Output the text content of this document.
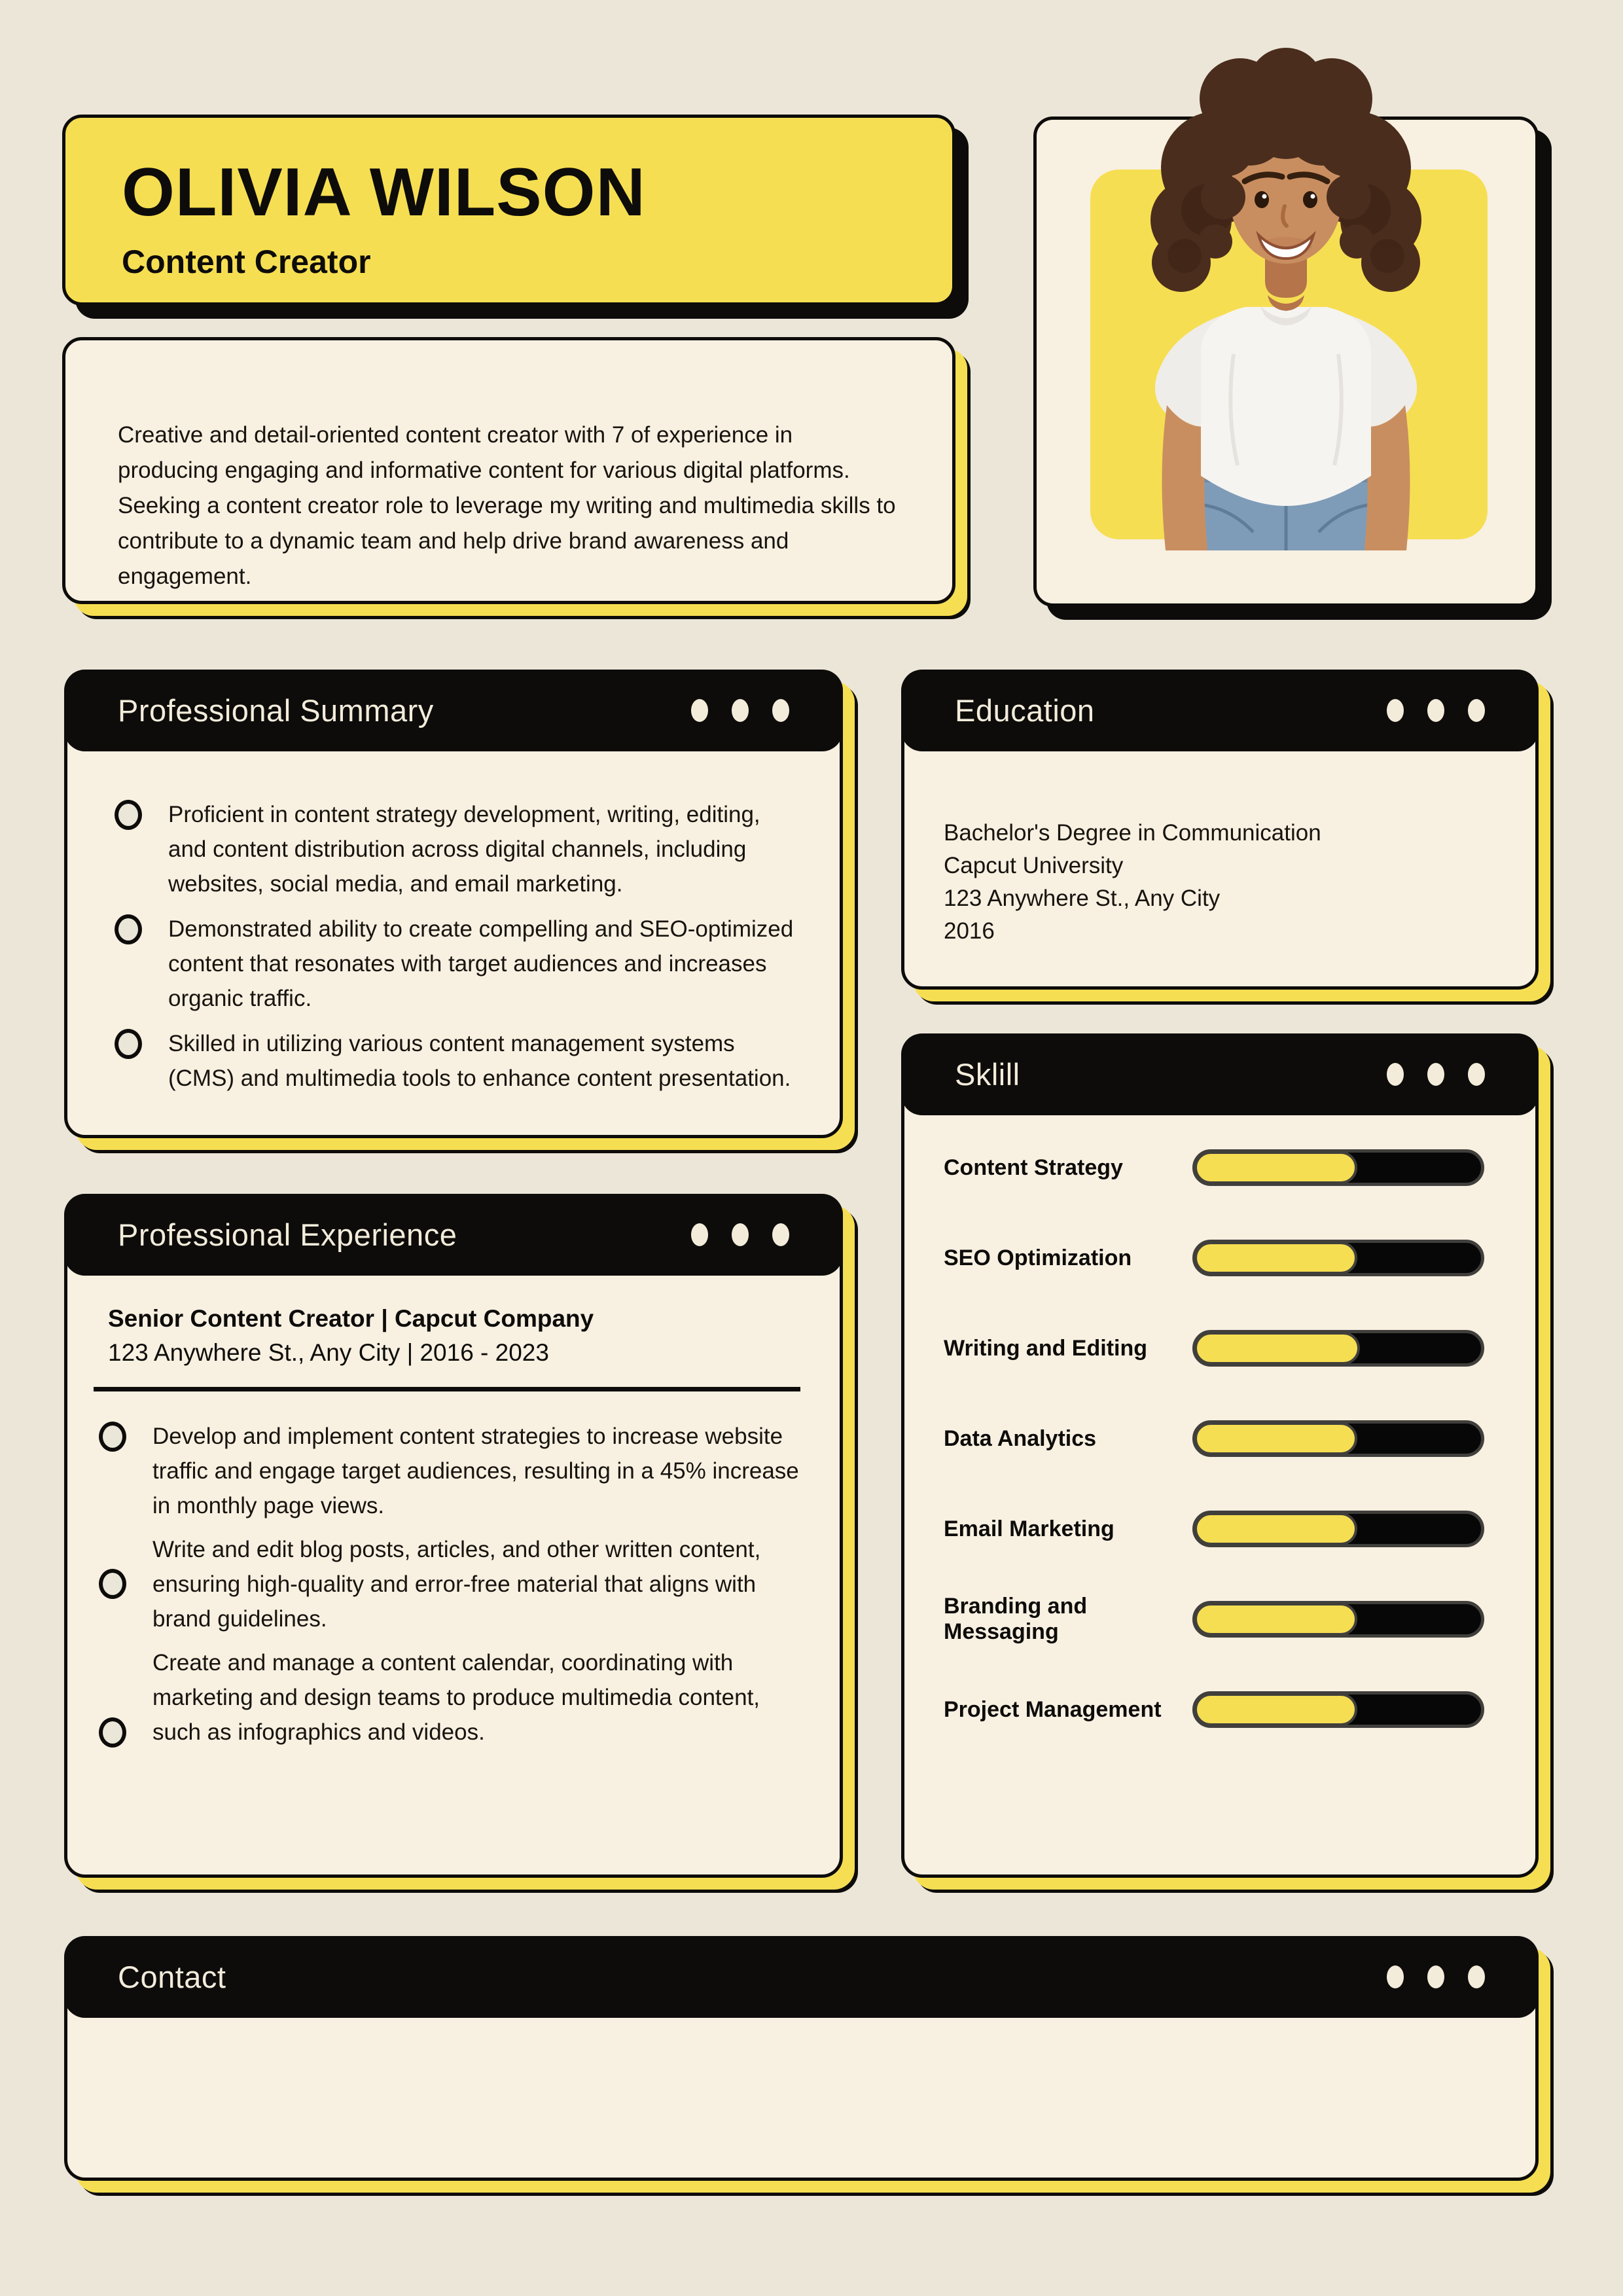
OLIVIA WILSON
Content Creator

Creative and detail-oriented content creator with 7 of experience in producing engaging and informative content for various digital platforms. Seeking a content creator role to leverage my writing and multimedia skills to contribute to a dynamic team and help drive brand awareness and engagement.

Proficient in content strategy development, writing, editing, and content distribution across digital channels, including websites, social media, and email marketing.

Demonstrated ability to create compelling and SEO-optimized content that resonates with target audiences and increases organic traffic.

Skilled in utilizing various content management systems (CMS) and multimedia tools to enhance content presentation.

Professional Summary

Bachelor's Degree in Communication

Capcut University

123 Anywhere St., Any City

2016

Education
Content Strategy
SEO Optimization
Writing and Editing
Data Analytics
Email Marketing
Branding and Messaging
Project Management
Sklill
Senior Content Creator | Capcut Company
123 Anywhere St., Any City | 2016 - 2023

Develop and implement content strategies to increase website traffic and engage target audiences, resulting in a 45% increase in monthly page views.

Write and edit blog posts, articles, and other written content, ensuring high-quality and error-free material that aligns with brand guidelines.

Create and manage a content calendar, coordinating with marketing and design teams to produce multimedia content, such as infographics and videos.

Professional Experience
Contact
